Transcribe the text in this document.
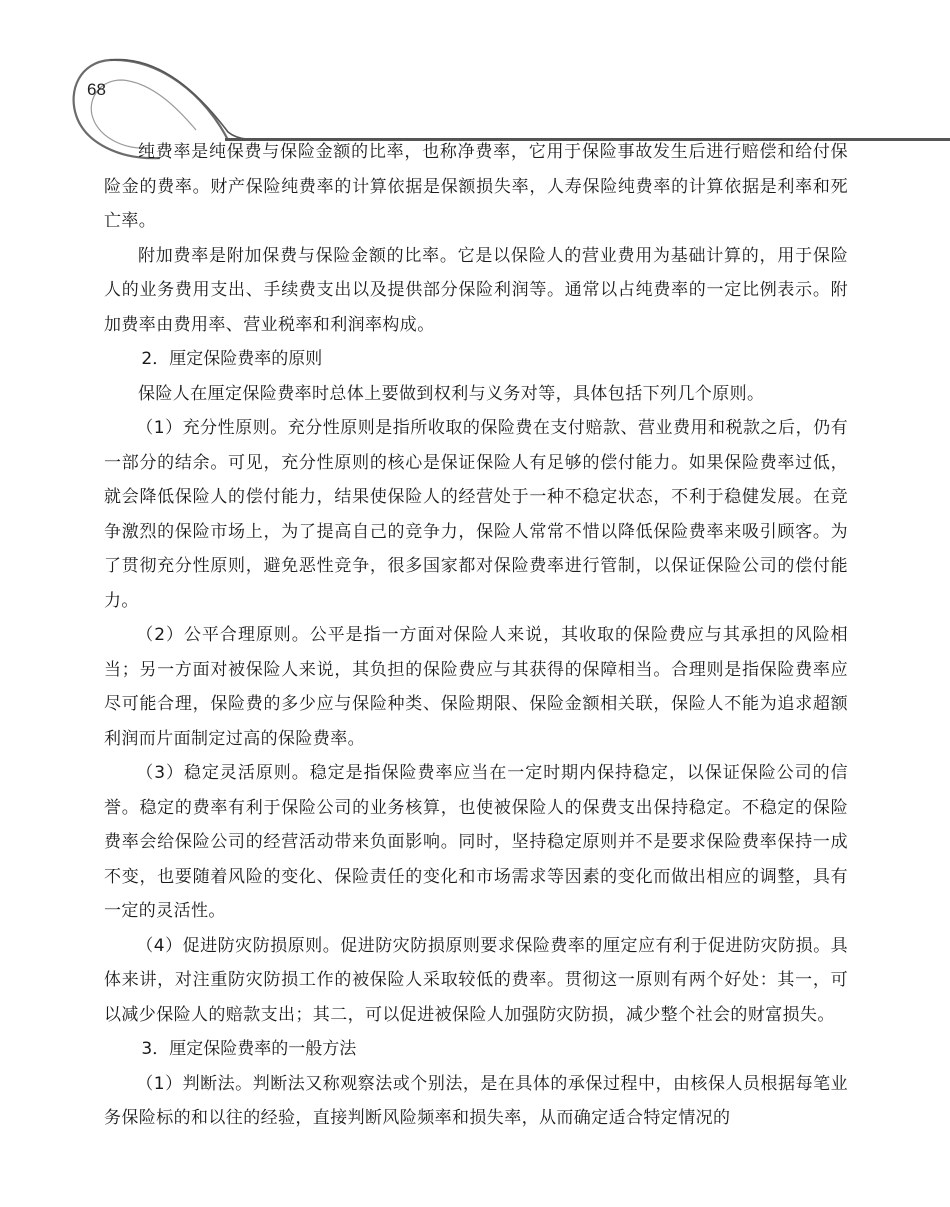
68

纯费率是纯保费与保险金额的比率，也称净费率，它用于保险事故发生后进行赔偿和给付保险金的费率。财产保险纯费率的计算依据是保额损失率，人寿保险纯费率的计算依据是利率和死亡率。

附加费率是附加保费与保险金额的比率。它是以保险人的营业费用为基础计算的，用于保险人的业务费用支出、手续费支出以及提供部分保险利润等。通常以占纯费率的一定比例表示。附加费率由费用率、营业税率和利润率构成。

2．厘定保险费率的原则

保险人在厘定保险费率时总体上要做到权利与义务对等，具体包括下列几个原则。

（1）充分性原则。充分性原则是指所收取的保险费在支付赔款、营业费用和税款之后，仍有一部分的结余。可见，充分性原则的核心是保证保险人有足够的偿付能力。如果保险费率过低，就会降低保险人的偿付能力，结果使保险人的经营处于一种不稳定状态，不利于稳健发展。在竞争激烈的保险市场上，为了提高自己的竞争力，保险人常常不惜以降低保险费率来吸引顾客。为了贯彻充分性原则，避免恶性竞争，很多国家都对保险费率进行管制，以保证保险公司的偿付能力。

（2）公平合理原则。公平是指一方面对保险人来说，其收取的保险费应与其承担的风险相当；另一方面对被保险人来说，其负担的保险费应与其获得的保障相当。合理则是指保险费率应尽可能合理，保险费的多少应与保险种类、保险期限、保险金额相关联，保险人不能为追求超额利润而片面制定过高的保险费率。

（3）稳定灵活原则。稳定是指保险费率应当在一定时期内保持稳定，以保证保险公司的信誉。稳定的费率有利于保险公司的业务核算，也使被保险人的保费支出保持稳定。不稳定的保险费率会给保险公司的经营活动带来负面影响。同时，坚持稳定原则并不是要求保险费率保持一成不变，也要随着风险的变化、保险责任的变化和市场需求等因素的变化而做出相应的调整，具有一定的灵活性。

（4）促进防灾防损原则。促进防灾防损原则要求保险费率的厘定应有利于促进防灾防损。具体来讲，对注重防灾防损工作的被保险人采取较低的费率。贯彻这一原则有两个好处：其一，可以减少保险人的赔款支出；其二，可以促进被保险人加强防灾防损，减少整个社会的财富损失。

3．厘定保险费率的一般方法

（1）判断法。判断法又称观察法或个别法，是在具体的承保过程中，由核保人员根据每笔业务保险标的和以往的经验，直接判断风险频率和损失率，从而确定适合特定情况的
